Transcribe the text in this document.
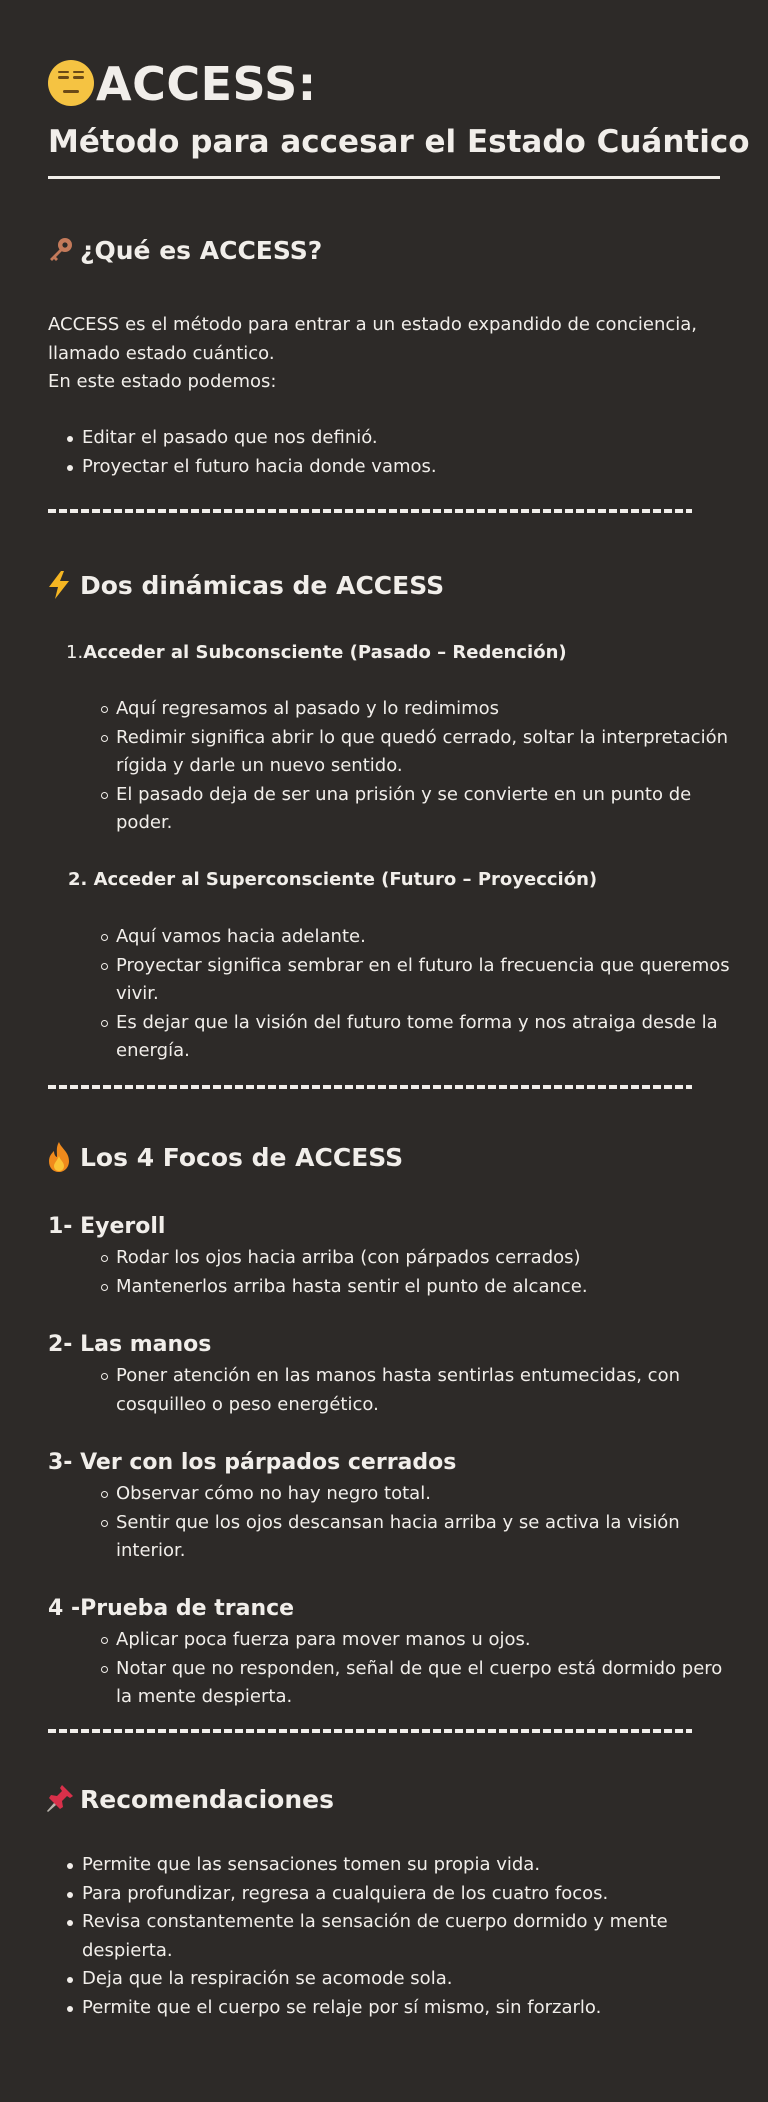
ACCESS:
Método para accesar el Estado Cuántico
¿Qué es ACCESS?
ACCESS es el método para entrar a un estado expandido de conciencia,
llamado estado cuántico.
En este estado podemos:
Editar el pasado que nos definió.
Proyectar el futuro hacia donde vamos.
Dos dinámicas de ACCESS
1.Acceder al Subconsciente (Pasado – Redención)
Aquí regresamos al pasado y lo redimimos
Redimir significa abrir lo que quedó cerrado, soltar la interpretación
rígida y darle un nuevo sentido.
El pasado deja de ser una prisión y se convierte en un punto de
poder.
2. Acceder al Superconsciente (Futuro – Proyección)
Aquí vamos hacia adelante.
Proyectar significa sembrar en el futuro la frecuencia que queremos
vivir.
Es dejar que la visión del futuro tome forma y nos atraiga desde la
energía.
Los 4 Focos de ACCESS
1- Eyeroll
Rodar los ojos hacia arriba (con párpados cerrados)
Mantenerlos arriba hasta sentir el punto de alcance.
2- Las manos
Poner atención en las manos hasta sentirlas entumecidas, con
cosquilleo o peso energético.
3- Ver con los párpados cerrados
Observar cómo no hay negro total.
Sentir que los ojos descansan hacia arriba y se activa la visión
interior.
4 -Prueba de trance
Aplicar poca fuerza para mover manos u ojos.
Notar que no responden, señal de que el cuerpo está dormido pero
la mente despierta.
Recomendaciones
Permite que las sensaciones tomen su propia vida.
Para profundizar, regresa a cualquiera de los cuatro focos.
Revisa constantemente la sensación de cuerpo dormido y mente
despierta.
Deja que la respiración se acomode sola.
Permite que el cuerpo se relaje por sí mismo, sin forzarlo.
